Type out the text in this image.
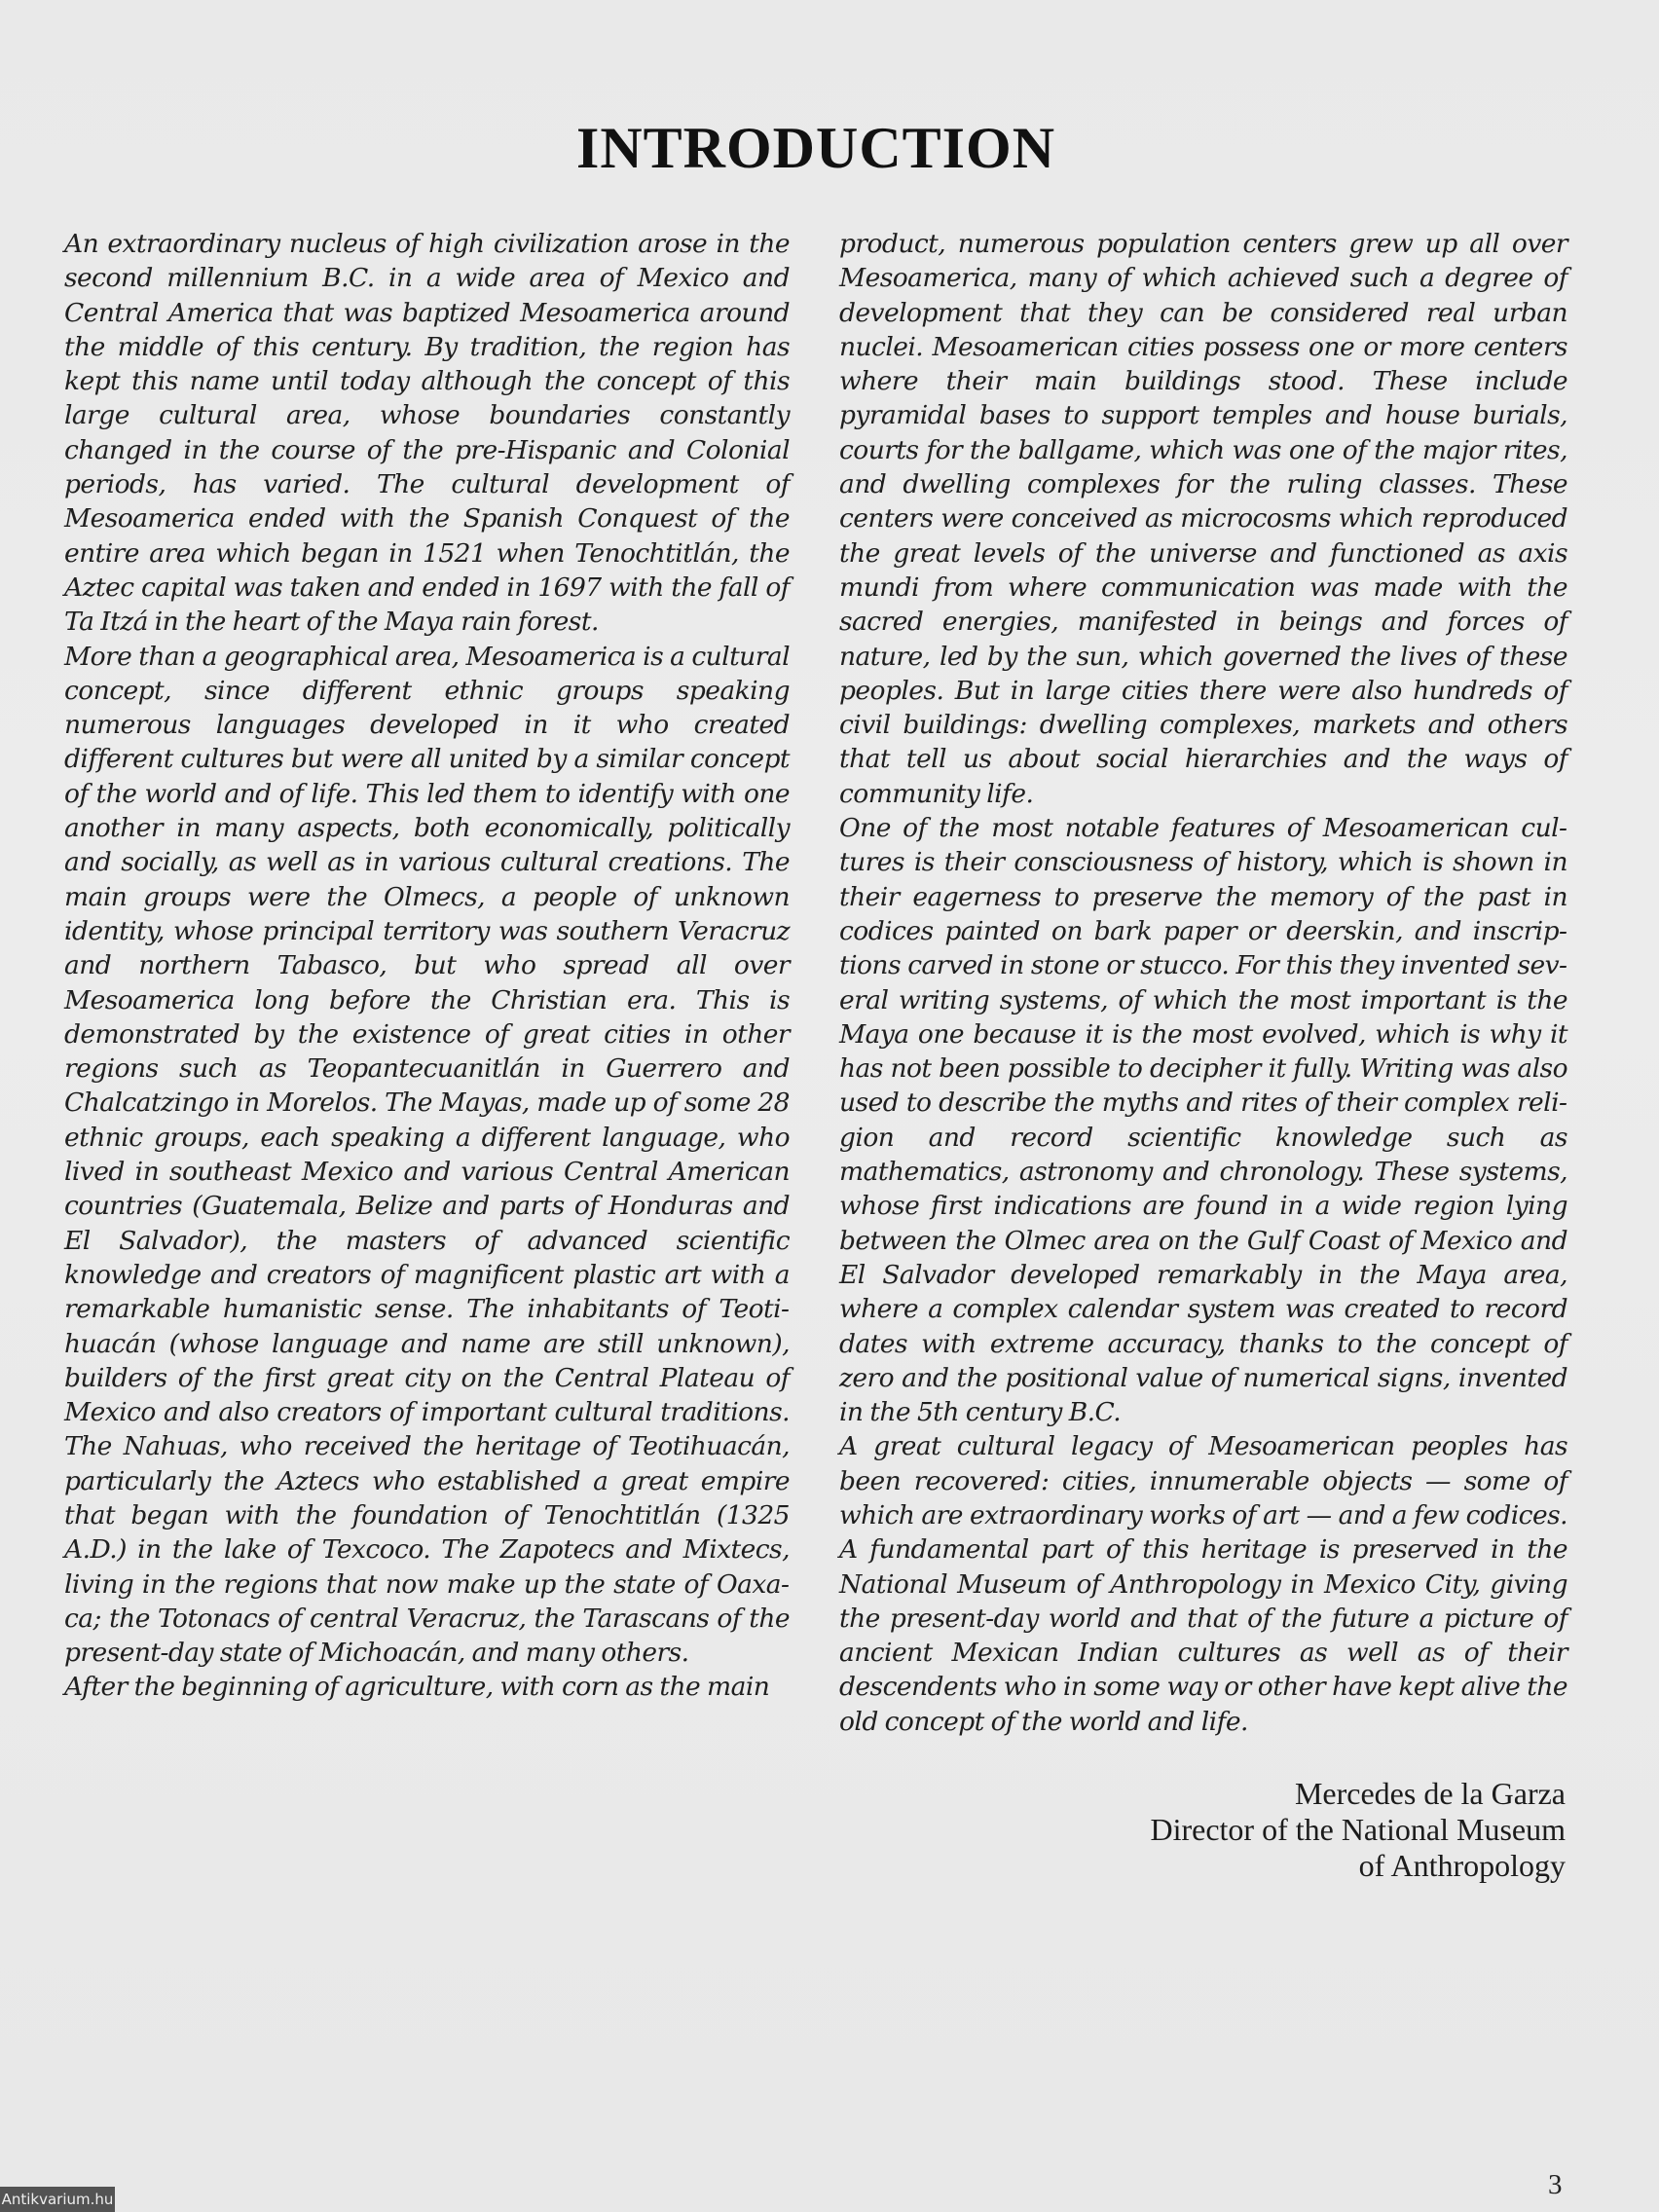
INTRODUCTION

An extraordinary nucleus of high civilization arose in the second millennium B.C. in a wide area of Mexico and Central America that was baptized Mesoamerica around the middle of this century. By tradition, the region has kept this name until today although the concept of this large cultural area, whose boundaries constantly changed in the course of the pre-Hispanic and Colonial periods, has varied. The cultural development of Mesoamerica ended with the Spanish Conquest of the entire area which began in 1521 when Tenochtitlán, the Aztec capital was taken and ended in 1697 with the fall of Ta Itzá in the heart of the Maya rain forest.

More than a geographical area, Mesoamerica is a cultural concept, since different ethnic groups speaking numerous languages developed in it who created different cultures but were all united by a similar concept of the world and of life. This led them to identify with one another in many aspects, both economically, politically and socially, as well as in various cultural creations. The main groups were the Olmecs, a people of unknown identity, whose principal territory was southern Veracruz and northern Tabasco, but who spread all over Mesoamerica long before the Christian era. This is demonstrated by the existence of great cities in other regions such as Teopantecuanitlán in Guerrero and Chalcatzingo in Morelos. The Mayas, made up of some 28 ethnic groups, each speaking a different language, who lived in southeast Mexico and various Central American countries (Guatemala, Belize and parts of Honduras and El Salvador), the masters of advanced scientific knowledge and creators of magnificent plastic art with a remarkable humanistic sense. The inhabitants of Teotihuacán (whose language and name are still unknown), builders of the first great city on the Central Plateau of Mexico and also creators of important cultural traditions. The Nahuas, who received the heritage of Teotihuacán, particularly the Aztecs who established a great empire that began with the foundation of Tenochtitlán (1325 A.D.) in the lake of Texcoco. The Zapotecs and Mixtecs, living in the regions that now make up the state of Oaxaca; the Totonacs of central Veracruz, the Tarascans of the present-day state of Michoacán, and many others.

After the beginning of agriculture, with corn as the main

product, numerous population centers grew up all over Mesoamerica, many of which achieved such a degree of development that they can be considered real urban nuclei. Mesoamerican cities possess one or more centers where their main buildings stood. These include pyramidal bases to support temples and house burials, courts for the ballgame, which was one of the major rites, and dwelling complexes for the ruling classes. These centers were conceived as microcosms which reproduced the great levels of the universe and functioned as axis mundi from where communication was made with the sacred energies, manifested in beings and forces of nature, led by the sun, which governed the lives of these peoples. But in large cities there were also hundreds of civil buildings: dwelling complexes, markets and others that tell us about social hierarchies and the ways of community life.

One of the most notable features of Mesoamerican cultures is their consciousness of history, which is shown in their eagerness to preserve the memory of the past in codices painted on bark paper or deerskin, and inscriptions carved in stone or stucco. For this they invented several writing systems, of which the most important is the Maya one because it is the most evolved, which is why it has not been possible to decipher it fully. Writing was also used to describe the myths and rites of their complex religion and record scientific knowledge such as mathematics, astronomy and chronology. These systems, whose first indications are found in a wide region lying between the Olmec area on the Gulf Coast of Mexico and El Salvador developed remarkably in the Maya area, where a complex calendar system was created to record dates with extreme accuracy, thanks to the concept of zero and the positional value of numerical signs, invented in the 5th century B.C.

A great cultural legacy of Mesoamerican peoples has been recovered: cities, innumerable objects — some of which are extraordinary works of art — and a few codices. A fundamental part of this heritage is preserved in the National Museum of Anthropology in Mexico City, giving the present-day world and that of the future a picture of ancient Mexican Indian cultures as well as of their descendents who in some way or other have kept alive the old concept of the world and life.

Mercedes de la Garza
Director of the National Museum
of Anthropology
3
Antikvarium.hu
